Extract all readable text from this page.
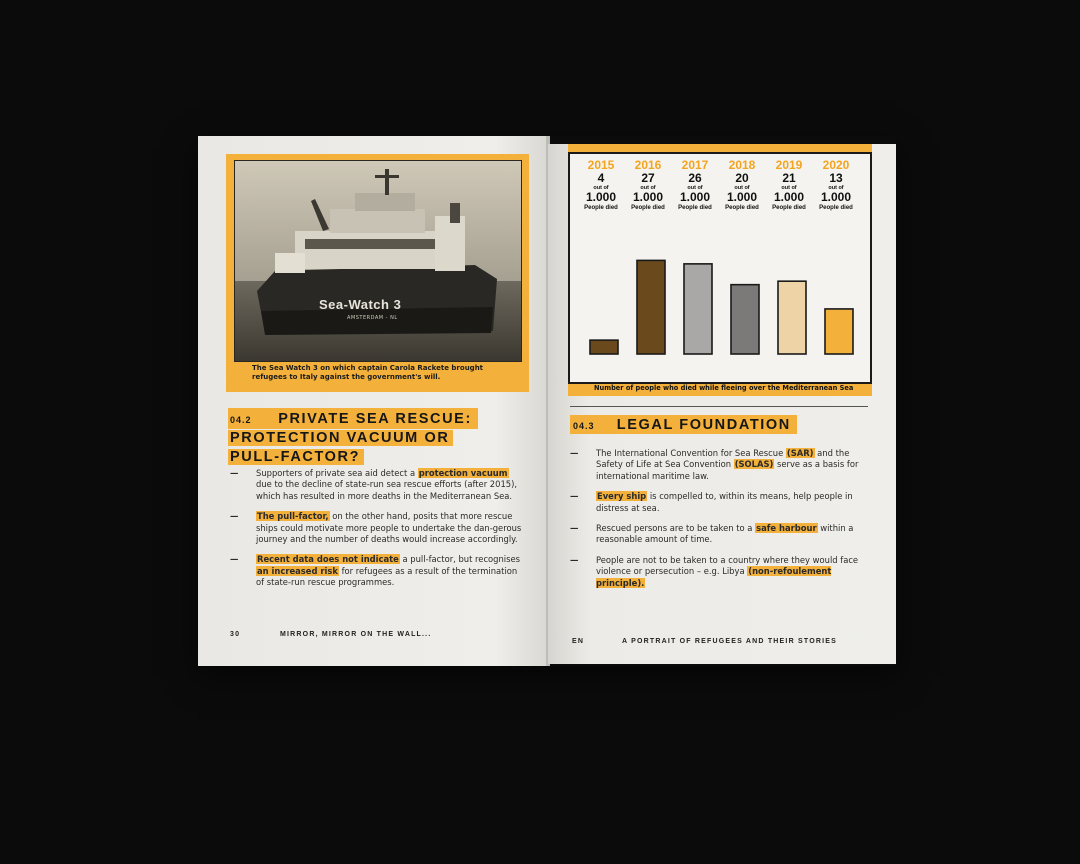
Sea-Watch 3
AMSTERDAM - NL
The Sea Watch 3 on which captain Carola Rackete brought refugees to Italy against the government's will.
04.2 PRIVATE SEA RESCUE:
PROTECTION VACUUM OR
PULL-FACTOR?
— Supporters of private sea aid detect a protection vacuum due to the decline of state-run sea rescue efforts (after 2015), which has resulted in more deaths in the Mediterranean Sea.
— The pull-factor, on the other hand, posits that more rescue ships could motivate more people to undertake the dan-gerous journey and the number of deaths would increase accordingly.
— Recent data does not indicate a pull-factor, but recognises an increased risk for refugees as a result of the termination of state-run rescue programmes.
30	MIRROR, MIRROR ON THE WALL...
2015
4
out of
1.000
People died
2016
27
out of
1.000
People died
2017
26
out of
1.000
People died
2018
20
out of
1.000
People died
2019
21
out of
1.000
People died
2020
13
out of
1.000
People died
Number of people who died while fleeing over the Mediterranean Sea
04.3 LEGAL FOUNDATION
— The International Convention for Sea Rescue (SAR) and the Safety of Life at Sea Convention (SOLAS) serve as a basis for international maritime law.
— Every ship is compelled to, within its means, help people in distress at sea.
— Rescued persons are to be taken to a safe harbour within a reasonable amount of time.
— People are not to be taken to a country where they would face violence or persecution – e.g. Libya (non-refoulement principle).
EN	A PORTRAIT OF REFUGEES AND THEIR STORIES
